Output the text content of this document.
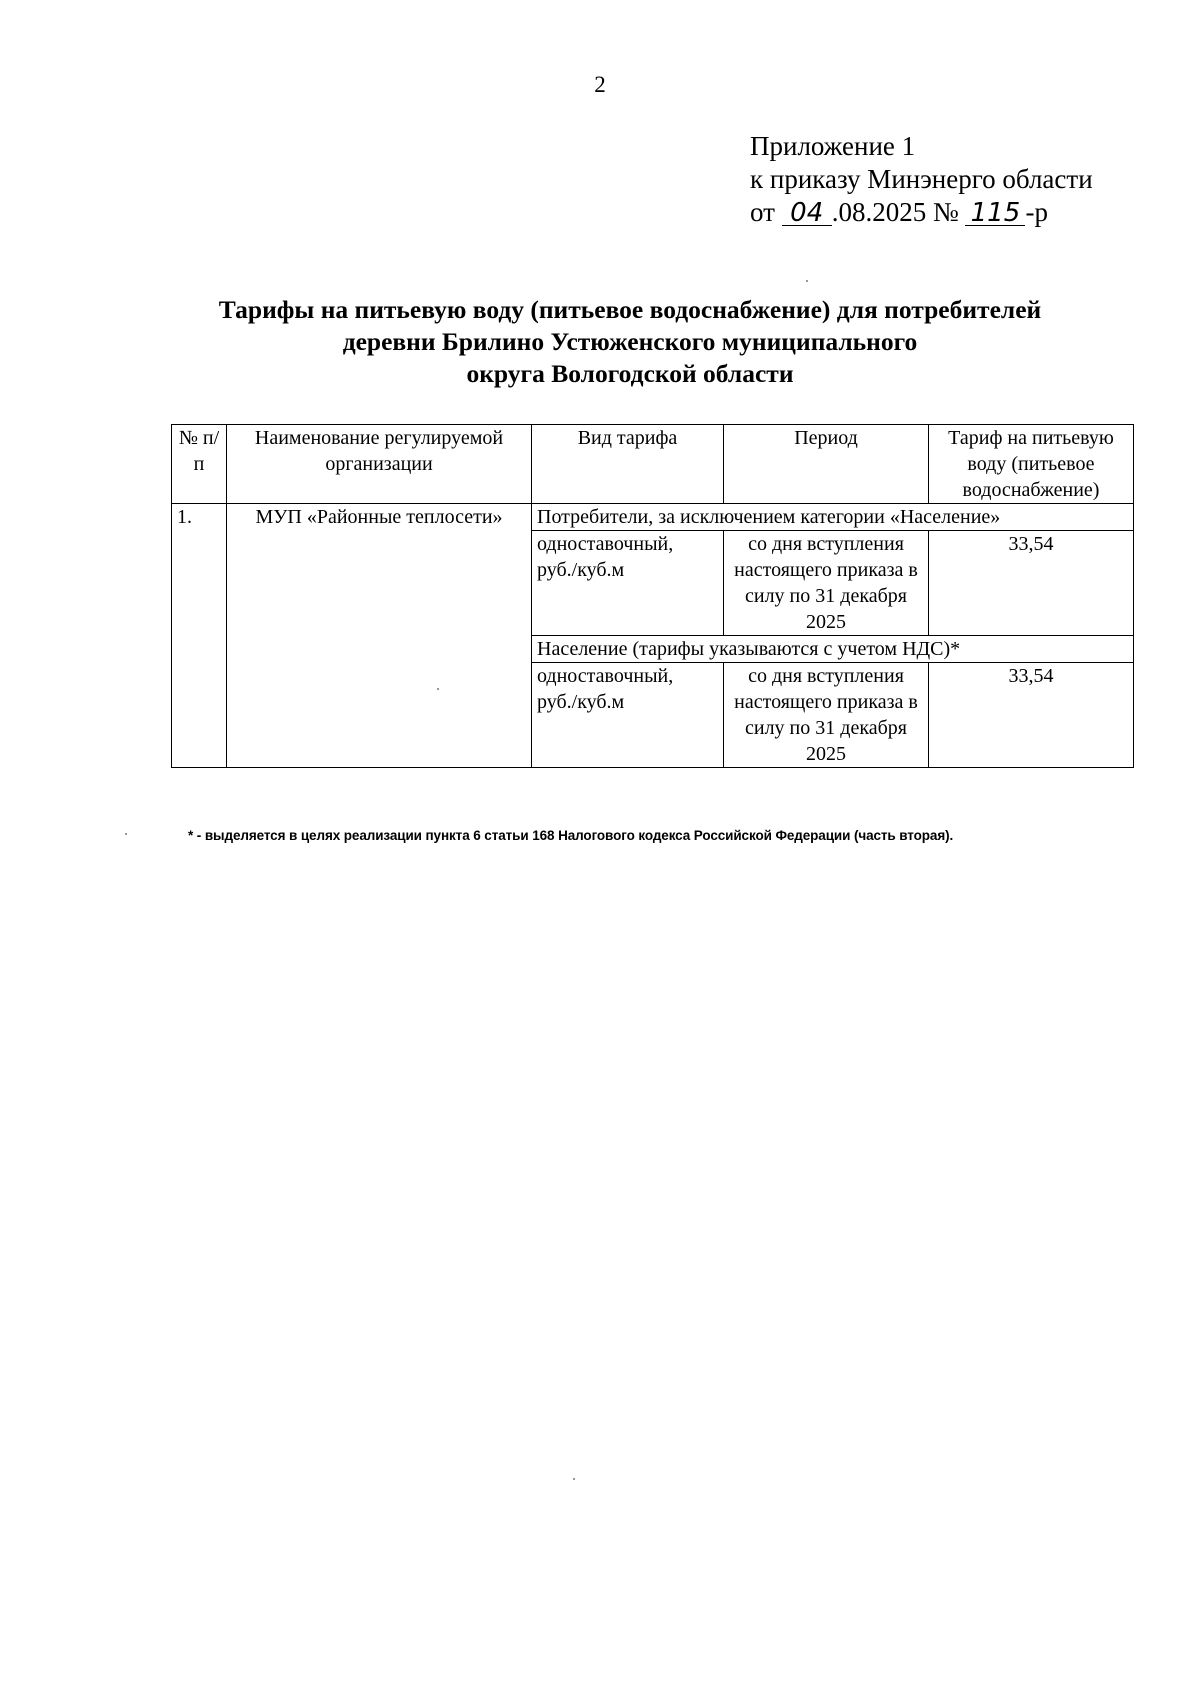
2
Приложение 1
к приказу Минэнерго области
от 04 .08.2025 № 115 -р
Тарифы на питьевую воду (питьевое водоснабжение) для потребителей
деревни Брилино Устюженского муниципального
округа Вологодской области
№ п/п	Наименование регулируемой организации	Вид тарифа	Период	Тариф на питьевую воду (питьевое водоснабжение)
1.	МУП «Районные теплосети»	Потребители, за исключением категории «Население»		
		одноставочный, руб./куб.м	со дня вступления настоящего приказа в силу по 31 декабря 2025	33,54
		Население (тарифы указываются с учетом НДС)*		
		одноставочный, руб./куб.м	со дня вступления настоящего приказа в силу по 31 декабря 2025	33,54
* - выделяется в целях реализации пункта 6 статьи 168 Налогового кодекса Российской Федерации (часть вторая).
